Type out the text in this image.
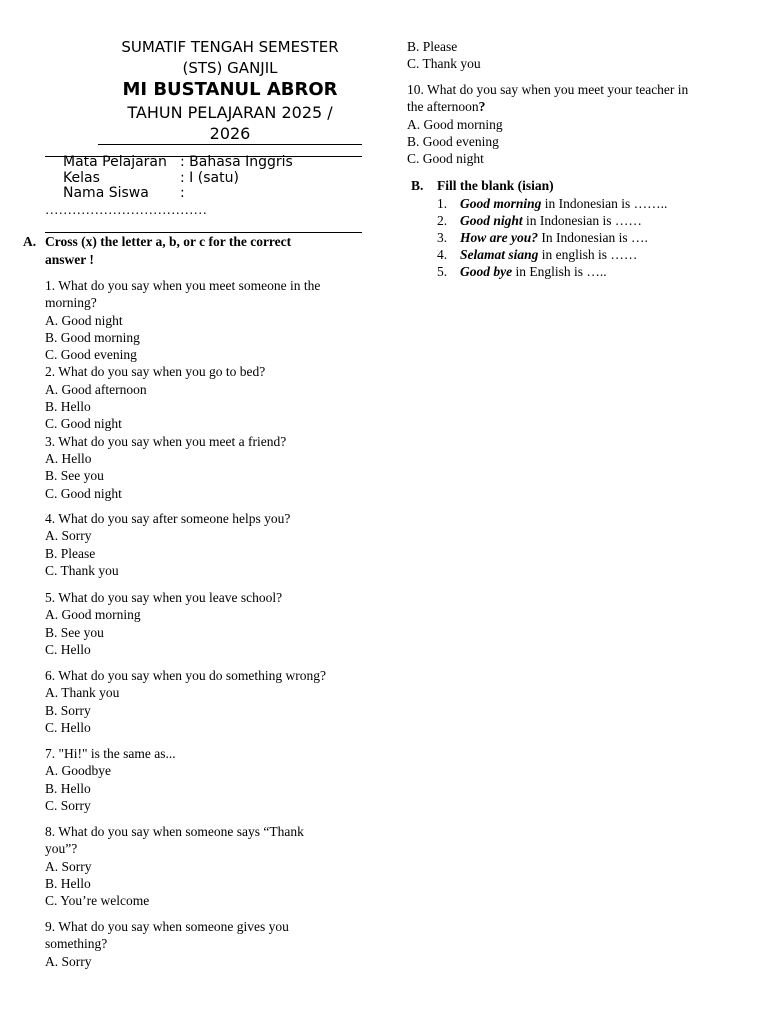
SUMATIF TENGAH SEMESTER
(STS) GANJIL
MI BUSTANUL ABROR
TAHUN PELAJARAN 2025 /
2026
Mata Pelajaran : Bahasa Inggris
Kelas	: I (satu)
Nama Siswa :
………………………………
A. Cross (x) the letter a, b, or c for the correct
answer !
1. What do you say when you meet someone in the
morning?
A. Good night
B. Good morning
C. Good evening
2. What do you say when you go to bed?
A. Good afternoon
B. Hello
C. Good night
3. What do you say when you meet a friend?
A. Hello
B. See you
C. Good night
4. What do you say after someone helps you?
A. Sorry
B. Please
C. Thank you
5. What do you say when you leave school?
A. Good morning
B. See you
C. Hello
6. What do you say when you do something wrong?
A. Thank you
B. Sorry
C. Hello
7. "Hi!" is the same as...
A. Goodbye
B. Hello
C. Sorry
8. What do you say when someone says “Thank
you”?
A. Sorry
B. Hello
C. You’re welcome
9. What do you say when someone gives you
something?
A. Sorry
B. Please
C. Thank you
10. What do you say when you meet your teacher in
the afternoon?
A. Good morning
B. Good evening
C. Good night
B. Fill the blank (isian)
1. Good morning in Indonesian is ……..
2. Good night in Indonesian is ……
3. How are you? In Indonesian is ….
4. Selamat siang in english is ……
5. Good bye in English is …..
